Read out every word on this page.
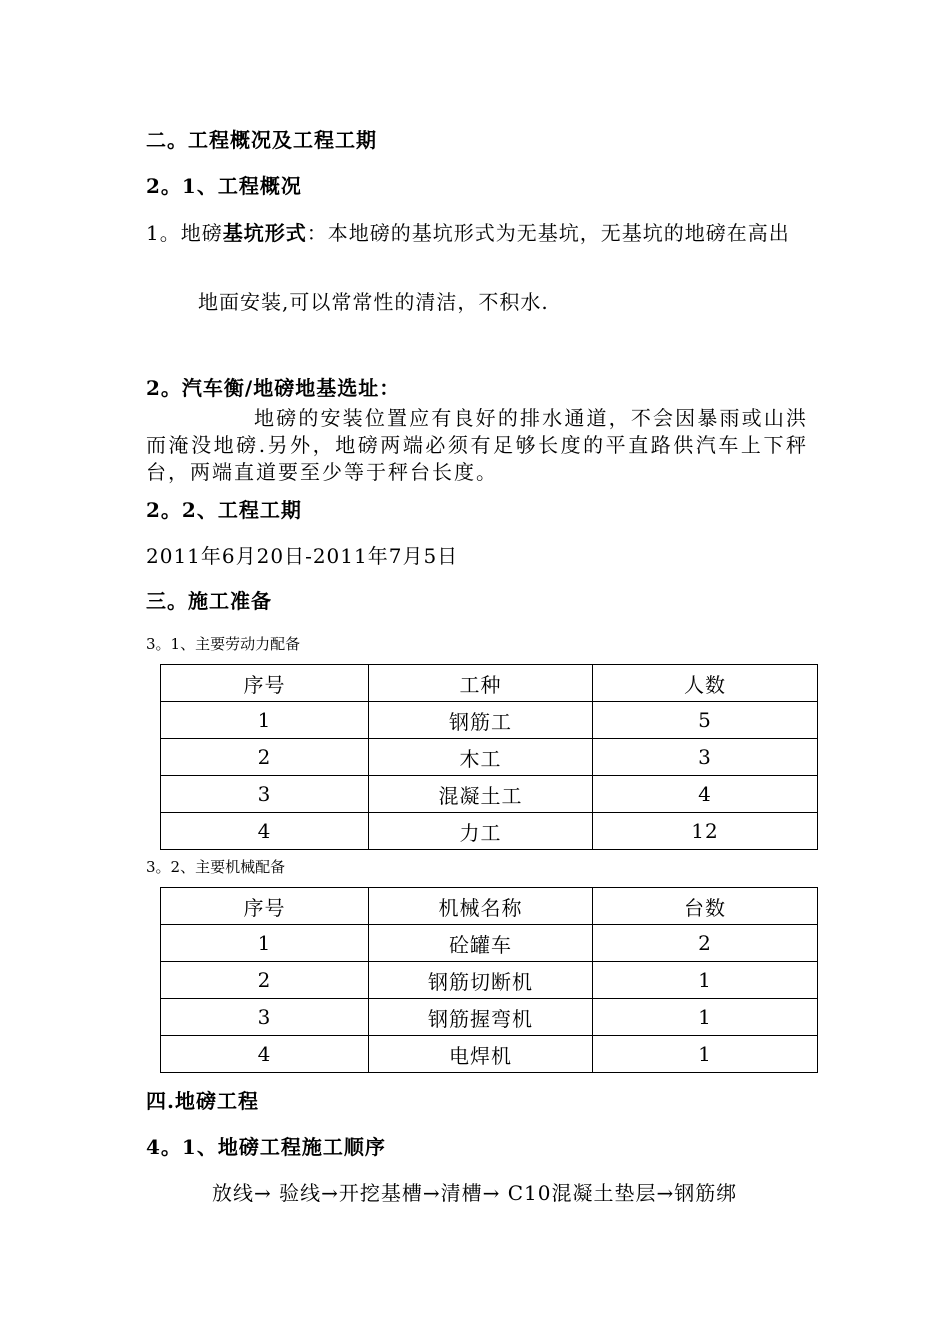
二。工程概况及工程工期
2。1、工程概况
1。地磅基坑形式：本地磅的基坑形式为无基坑，无基坑的地磅在高出
地面安装,可以常常性的清洁，不积水.
2。汽车衡/地磅地基选址：
地磅的安装位置应有良好的排水通道，不会因暴雨或山洪而淹没地磅.另外，地磅两端必须有足够长度的平直路供汽车上下秤台，两端直道要至少等于秤台长度。
2。2、工程工期
2011年6月20日-2011年7月5日
三。施工准备
3。1、主要劳动力配备
序号	工种	人数
1	钢筋工	5
2	木工	3
3	混凝土工	4
4	力工	12
3。2、主要机械配备
序号	机械名称	台数
1	砼罐车	2
2	钢筋切断机	1
3	钢筋握弯机	1
4	电焊机	1
四.地磅工程
4。1、地磅工程施工顺序
放线→ 验线→开挖基槽→清槽→ C10混凝土垫层→钢筋绑
